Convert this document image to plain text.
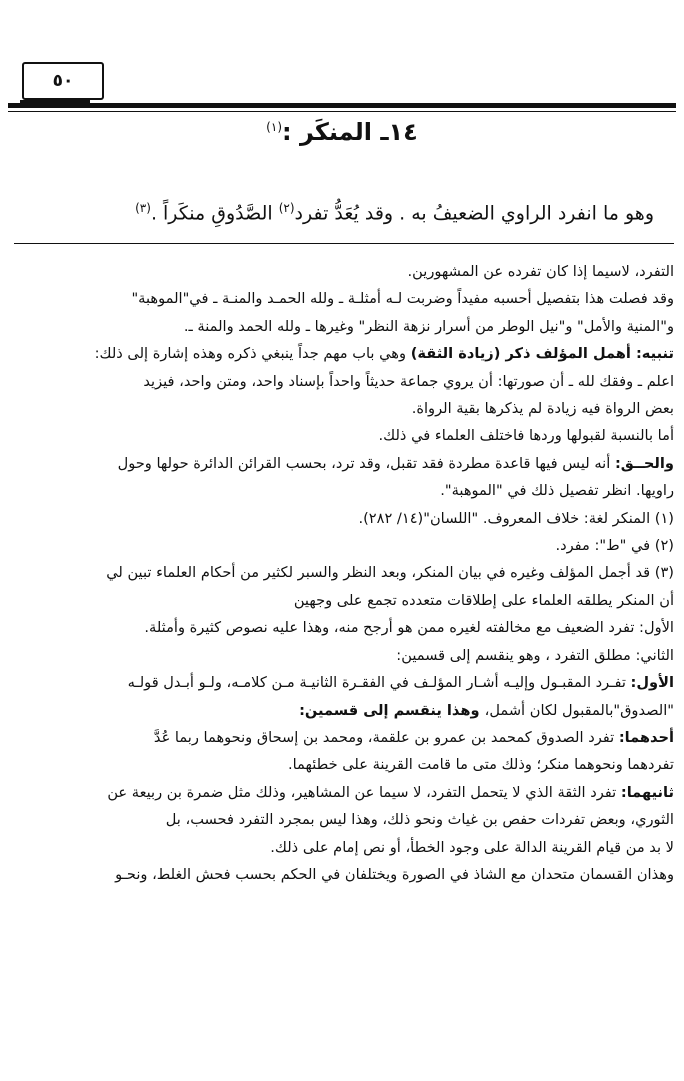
٥٠
١٤ـ المنكَر :$^{(١)}$
وهو ما انفرد الراوي الضعيفُ به . وقد يُعَدُّ تفرد$^{(٢)}$ الصَّدُوقِ منكَراً .$^{(٣)}$

التفرد، لاسيما إذا كان تفرده عن المشهورين.

وقد فصلت هذا بتفصيل أحسبه مفيداً وضربت لـه أمثلـة ـ ولله الحمـد والمنـة ـ في"الموهبة"

و"المنية والأمل" و"نيل الوطر من أسرار نزهة النظر" وغيرها ـ ولله الحمد والمنة ـ.

تنبيه: أهمل المؤلف ذكر (زيادة الثقة) وهي باب مهم جداً ينبغي ذكره وهذه إشارة إلى ذلك:

اعلم ـ وفقك لله ـ أن صورتها: أن يروي جماعة حديثاً واحداً بإسناد واحد، ومتن واحد، فيزيد

بعض الرواة فيه زيادة لم يذكرها بقية الرواة.

أما بالنسبة لقبولها وردها فاختلف العلماء في ذلك.

والحــق: أنه ليس فيها قاعدة مطردة فقد تقبل، وقد ترد، بحسب القرائن الدائرة حولها وحول

راويها. انظر تفصيل ذلك في "الموهبة".

(١) المنكر لغة: خلاف المعروف. "اللسان"(١٤/ ٢٨٢).

(٢) في "ط": مفرد.

(٣) قد أجمل المؤلف وغيره في بيان المنكر، وبعد النظر والسبر لكثير من أحكام العلماء تبين لي

أن المنكر يطلقه العلماء على إطلاقات متعدده تجمع على وجهين

الأول: تفرد الضعيف مع مخالفته لغيره ممن هو أرجح منه، وهذا عليه نصوص كثيرة وأمثلة.

الثاني: مطلق التفرد ، وهو ينقسم إلى قسمين:

الأول: تفـرد المقبـول وإليـه أشـار المؤلـف في الفقـرة الثانيـة مـن كلامـه، ولـو أبـدل قولـه

"الصدوق"بالمقبول لكان أشمل، وهذا ينقسم إلى قسمين:

أحدهما: تفرد الصدوق كمحمد بن عمرو بن علقمة، ومحمد بن إسحاق ونحوهما ربما عُدَّ

تفردهما ونحوهما منكر؛ وذلك متى ما قامت القرينة على خطئهما.

ثانيهما: تفرد الثقة الذي لا يتحمل التفرد، لا سيما عن المشاهير، وذلك مثل ضمرة بن ربيعة عن

الثوري، وبعض تفردات حفص بن غياث ونحو ذلك، وهذا ليس بمجرد التفرد فحسب، بل

لا بد من قيام القرينة الدالة على وجود الخطأ، أو نص إمام على ذلك.

وهذان القسمان متحدان مع الشاذ في الصورة ويختلفان في الحكم بحسب فحش الغلط، ونحـو
